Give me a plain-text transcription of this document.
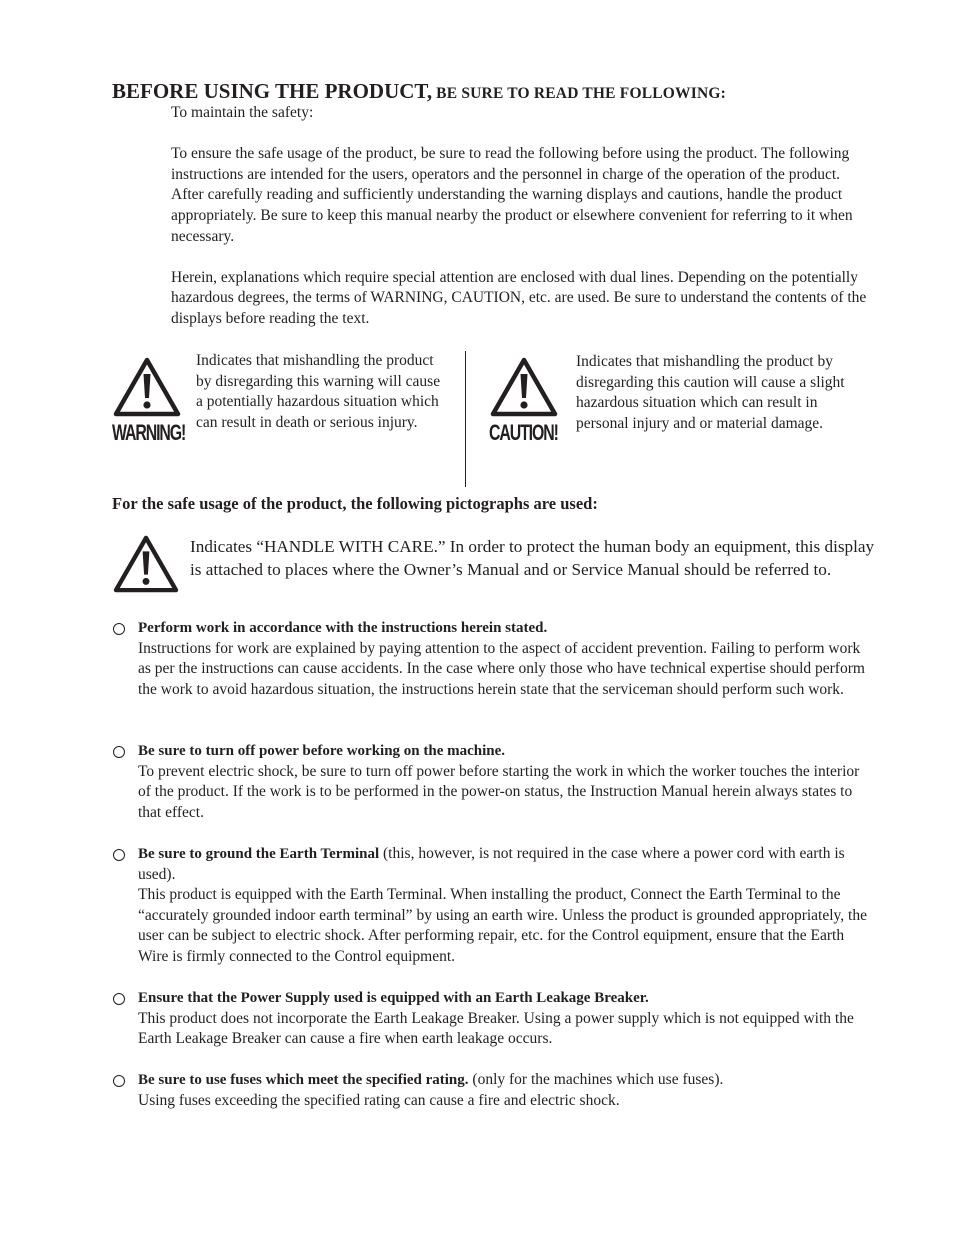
BEFORE USING THE PRODUCT, BE SURE TO READ THE FOLLOWING:

To maintain the safety:

To ensure the safe usage of the product, be sure to read the following before using the product. The following instructions are intended for the users, operators and the personnel in charge of the operation of the product. After carefully reading and sufficiently understanding the warning displays and cautions, handle the product appropriately. Be sure to keep this manual nearby the product or elsewhere convenient for referring to it when necessary.

Herein, explanations which require special attention are enclosed with dual lines. Depending on the potentially hazardous degrees, the terms of WARNING, CAUTION, etc. are used. Be sure to understand the contents of the displays before reading the text.

WARNING!
Indicates that mishandling the product by disregarding this warning will cause a potentially hazardous situation which can result in death or serious injury.	CAUTION!
Indicates that mishandling the product by disregarding this caution will cause a slight hazardous situation which can result in personal injury and or material damage.
For the safe usage of the product, the following pictographs are used:
Indicates “HANDLE WITH CARE.” In order to protect the human body an equipment, this display is attached to places where the Owner’s Manual and or Service Manual should be referred to.
Perform work in accordance with the instructions herein stated.
Instructions for work are explained by paying attention to the aspect of accident prevention. Failing to perform work as per the instructions can cause accidents. In the case where only those who have technical expertise should perform the work to avoid hazardous situation, the instructions herein state that the serviceman should perform such work.
Be sure to turn off power before working on the machine.
To prevent electric shock, be sure to turn off power before starting the work in which the worker touches the interior of the product. If the work is to be performed in the power-on status, the Instruction Manual herein always states to that effect.
Be sure to ground the Earth Terminal (this, however, is not required in the case where a power cord with earth is used).
This product is equipped with the Earth Terminal. When installing the product, Connect the Earth Terminal to the “accurately grounded indoor earth terminal” by using an earth wire. Unless the product is grounded appropriately, the user can be subject to electric shock. After performing repair, etc. for the Control equipment, ensure that the Earth Wire is firmly connected to the Control equipment.
Ensure that the Power Supply used is equipped with an Earth Leakage Breaker.
This product does not incorporate the Earth Leakage Breaker. Using a power supply which is not equipped with the Earth Leakage Breaker can cause a fire when earth leakage occurs.
Be sure to use fuses which meet the specified rating. (only for the machines which use fuses).
Using fuses exceeding the specified rating can cause a fire and electric shock.
